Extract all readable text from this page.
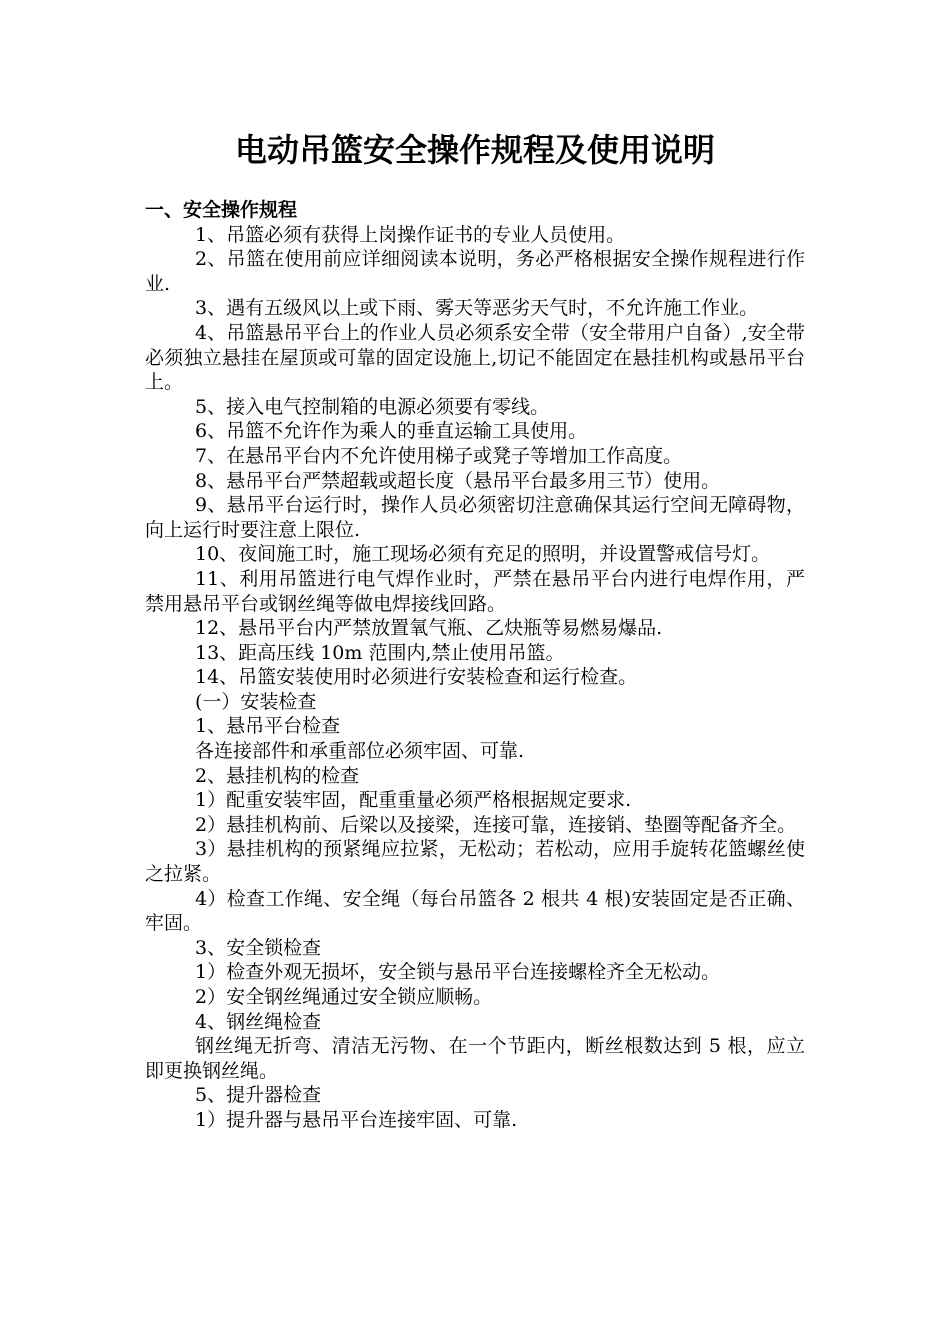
电动吊篮安全操作规程及使用说明

一、安全操作规程

1、吊篮必须有获得上岗操作证书的专业人员使用。

2、吊篮在使用前应详细阅读本说明，务必严格根据安全操作规程进行作业.

3、遇有五级风以上或下雨、雾天等恶劣天气时，不允许施工作业。

4、吊篮悬吊平台上的作业人员必须系安全带（安全带用户自备）,安全带必须独立悬挂在屋顶或可靠的固定设施上,切记不能固定在悬挂机构或悬吊平台上。

5、接入电气控制箱的电源必须要有零线。

6、吊篮不允许作为乘人的垂直运输工具使用。

7、在悬吊平台内不允许使用梯子或凳子等增加工作高度。

8、悬吊平台严禁超载或超长度（悬吊平台最多用三节）使用。

9、悬吊平台运行时，操作人员必须密切注意确保其运行空间无障碍物，向上运行时要注意上限位.

10、夜间施工时，施工现场必须有充足的照明，并设置警戒信号灯。

11、利用吊篮进行电气焊作业时，严禁在悬吊平台内进行电焊作用，严禁用悬吊平台或钢丝绳等做电焊接线回路。

12、悬吊平台内严禁放置氧气瓶、乙炔瓶等易燃易爆品.

13、距高压线 10m 范围内,禁止使用吊篮。

14、吊篮安装使用时必须进行安装检查和运行检查。

(一）安装检查

1、悬吊平台检查

各连接部件和承重部位必须牢固、可靠.

2、悬挂机构的检查

1）配重安装牢固，配重重量必须严格根据规定要求.

2）悬挂机构前、后梁以及接梁，连接可靠，连接销、垫圈等配备齐全。

3）悬挂机构的预紧绳应拉紧，无松动；若松动，应用手旋转花篮螺丝使之拉紧。

4）检查工作绳、安全绳（每台吊篮各 2 根共 4 根)安装固定是否正确、牢固。

3、安全锁检查

1）检查外观无损坏，安全锁与悬吊平台连接螺栓齐全无松动。

2）安全钢丝绳通过安全锁应顺畅。

4、钢丝绳检查

钢丝绳无折弯、清洁无污物、在一个节距内，断丝根数达到 5 根，应立即更换钢丝绳。

5、提升器检查

1）提升器与悬吊平台连接牢固、可靠.
